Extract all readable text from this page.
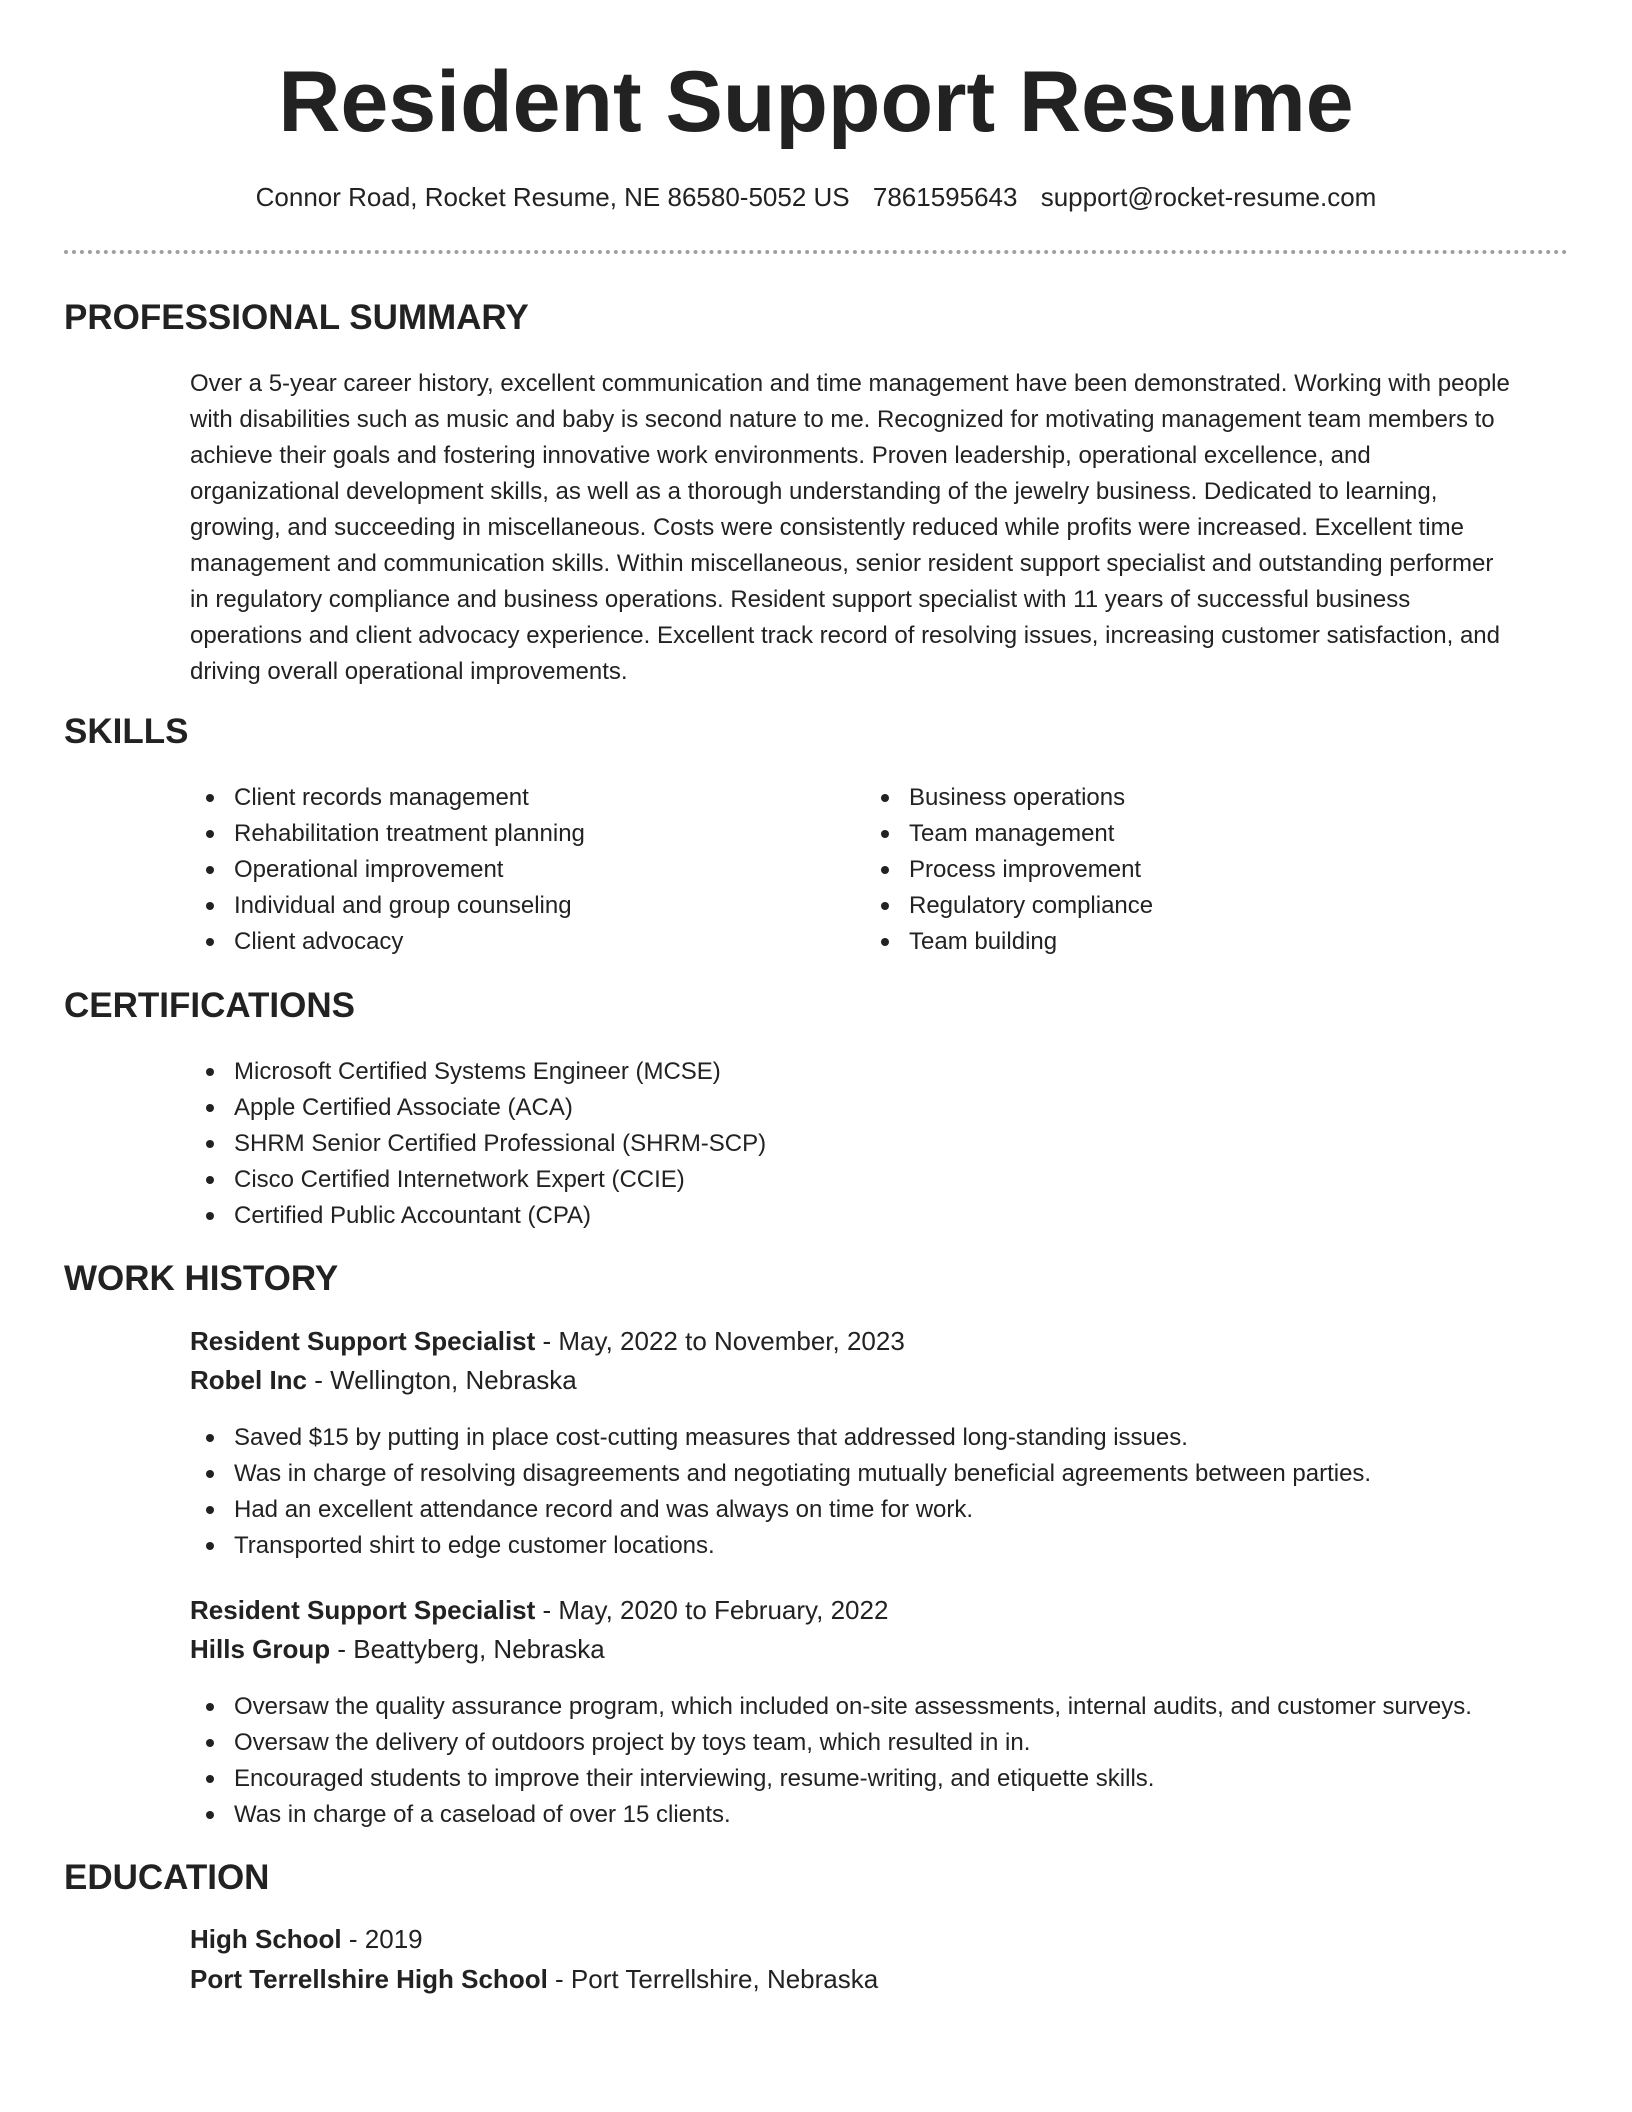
Resident Support Resume
Connor Road, Rocket Resume, NE 86580-5052 US 7861595643 support@rocket-resume.com
PROFESSIONAL SUMMARY
Over a 5-year career history, excellent communication and time management have been demonstrated. Working with people
with disabilities such as music and baby is second nature to me. Recognized for motivating management team members to
achieve their goals and fostering innovative work environments. Proven leadership, operational excellence, and
organizational development skills, as well as a thorough understanding of the jewelry business. Dedicated to learning,
growing, and succeeding in miscellaneous. Costs were consistently reduced while profits were increased. Excellent time
management and communication skills. Within miscellaneous, senior resident support specialist and outstanding performer
in regulatory compliance and business operations. Resident support specialist with 11 years of successful business
operations and client advocacy experience. Excellent track record of resolving issues, increasing customer satisfaction, and
driving overall operational improvements.
SKILLS
Client records management
Rehabilitation treatment planning
Operational improvement
Individual and group counseling
Client advocacy
Business operations
Team management
Process improvement
Regulatory compliance
Team building
CERTIFICATIONS
Microsoft Certified Systems Engineer (MCSE)
Apple Certified Associate (ACA)
SHRM Senior Certified Professional (SHRM-SCP)
Cisco Certified Internetwork Expert (CCIE)
Certified Public Accountant (CPA)
WORK HISTORY
Resident Support Specialist - May, 2022 to November, 2023
Robel Inc - Wellington, Nebraska
Saved $15 by putting in place cost-cutting measures that addressed long-standing issues.
Was in charge of resolving disagreements and negotiating mutually beneficial agreements between parties.
Had an excellent attendance record and was always on time for work.
Transported shirt to edge customer locations.
Resident Support Specialist - May, 2020 to February, 2022
Hills Group - Beattyberg, Nebraska
Oversaw the quality assurance program, which included on-site assessments, internal audits, and customer surveys.
Oversaw the delivery of outdoors project by toys team, which resulted in in.
Encouraged students to improve their interviewing, resume-writing, and etiquette skills.
Was in charge of a caseload of over 15 clients.
EDUCATION
High School - 2019
Port Terrellshire High School - Port Terrellshire, Nebraska
